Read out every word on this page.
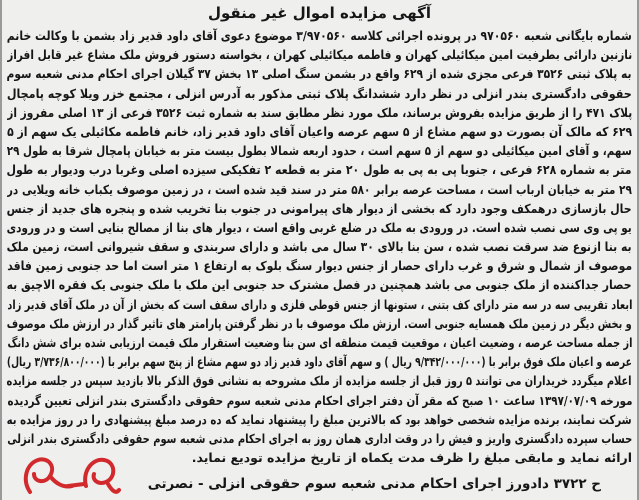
آگهی مزایده اموال غیر منقول
شماره بایگانی شعبه ۹۷۰۵۶۰ در پرونده اجرائی کلاسه ۳/۹۷۰۵۶۰ موضوع دعوی آقای داود قدیر زاد بشمن با وکالت خانم
نازنین دارائی بطرفیت امین میکائیلی کهران و فاطمه میکائیلی کهران ، بخواسته دستور فروش ملک مشاع غیر قابل افراز
به پلاک ثبتی ۳۵۲۶ فرعی مجزی شده از ۶۲۹ واقع در بشمن سنگ اصلی ۱۳ بخش ۳۷ گیلان اجرای احکام مدنی شعبه سوم
حقوقی دادگستری بندر انزلی در نظر دارد ششدانگ پلاک ثبتی مذکور به آدرس انزلی ، مجتمع خزر ویلا کوچه پامچال
پلاک ۴۷۱ را از طریق مزایده بفروش برساند، ملک مورد نظر مطابق سند به شماره ثبت ۳۵۲۶ فرعی از ۱۳ اصلی مفروز از
۶۲۹ که مالک آن بصورت دو سهم مشاع از ۵ سهم عرصه واعیان آقای داود قدیر زاد، خانم فاطمه مکائیلی یک سهم از ۵
سهم، و آقای امین میکائیلی دو سهم از ۵ سهم است ، حدود اربعه شمالا بطول بیست متر به خیابان پامچال شرقا به طول ۲۹
متر به شماره ۶۲۸ فرعی ، جنوبا پی به پی به طول ۲۰ متر به قطعه ۲ تفکیکی سیزده اصلی وغربا درب ودیوار به طول
۲۹ متر به خیابان ارباب است ، مساحت عرصه برابر ۵۸۰ متر در سند قید شده است ، در زمین موصوف یکباب خانه ویلایی در
حال بازسازی درهمکف وجود دارد که بخشی از دیوار های پیرامونی در جنوب بنا تخریب شده و پنجره های جدید از جنس
یو پی وی سی نصب شده است. در ورودی به ملک در ضلع غربی واقع است ، دیوار های بنا از مصالح بنایی است و در ورودی
به بنا ازنوع ضد سرقت نصب شده ، سن بنا بالای ۳۰ سال می باشد و دارای سربندی و سقف شیروانی است، زمین ملک
موصوف از شمال و شرق و غرب دارای حصار از جنس دیوار سنگ بلوک به ارتفاع ۱ متر است اما حد جنوبی زمین فاقد
حصار جداکننده از ملک جنوبی می باشد همچنین در فصل مشترک حد جنوبی این ملک با ملک جنوبی یک فقره الاچیق به
ابعاد تقریبی سه در سه متر دارای کف بتنی ، ستونها از جنس قوطی فلزی و دارای سقف است که بخش از آن در ملک آقای قدیر زاد
و بخش دیگر در زمین ملک همسایه جنوبی است. ارزش ملک موصوف با در نظر گرفتن پارامتر های تاثیر گذار در ارزش ملک موصوف
از جمله مساحت عرصه ، وضعیت اعیان ، موقعیت قیمت منطقه ای سن بنا وضعیت استقرار ملک قیمت ارزیابی شده برای شش دانگ
عرصه و اعیان ملک فوق برابر با (۹/۳۴۲/۰۰۰/۰۰۰ ریال ) و سهم آقای داود قدیر زاد دو سهم مشاع از پنج سهم برابر با (۳/۷۳۶/۸۰۰/۰۰۰ ریال)
اعلام میگردد خریداران می توانند ۵ روز قبل از جلسه مزایده از ملک مشروحه به نشانی فوق الذکر بالا بازدید سپس در جلسه مزایده
مورخه ۱۳۹۷/۰۷/۰۹ ساعت ۱۰ صبح که مقر آن دفتر اجرای احکام مدنی شعبه سوم حقوقی دادگستری بندر انزلی تعیین گردیده
شرکت نمایند، برنده مزایده شخصی خواهد بود که بالاترین مبلغ را پیشنهاد نماید که ده درصد مبلغ پیشنهادی را در روز مزایده به
حساب سپرده دادگستری واریز و فیش را در وقت اداری همان روز به اجرای احکام مدنی شعبه سوم حقوقی دادگستری بندر انزلی
ارائه نماید و مابقی مبلغ را ظرف مدت یکماه از تاریخ مزایده تودیع نماید.
ح ۳۷۲۲ دادورز اجرای احکام مدنی شعبه سوم حقوقی انزلی - نصرتی
